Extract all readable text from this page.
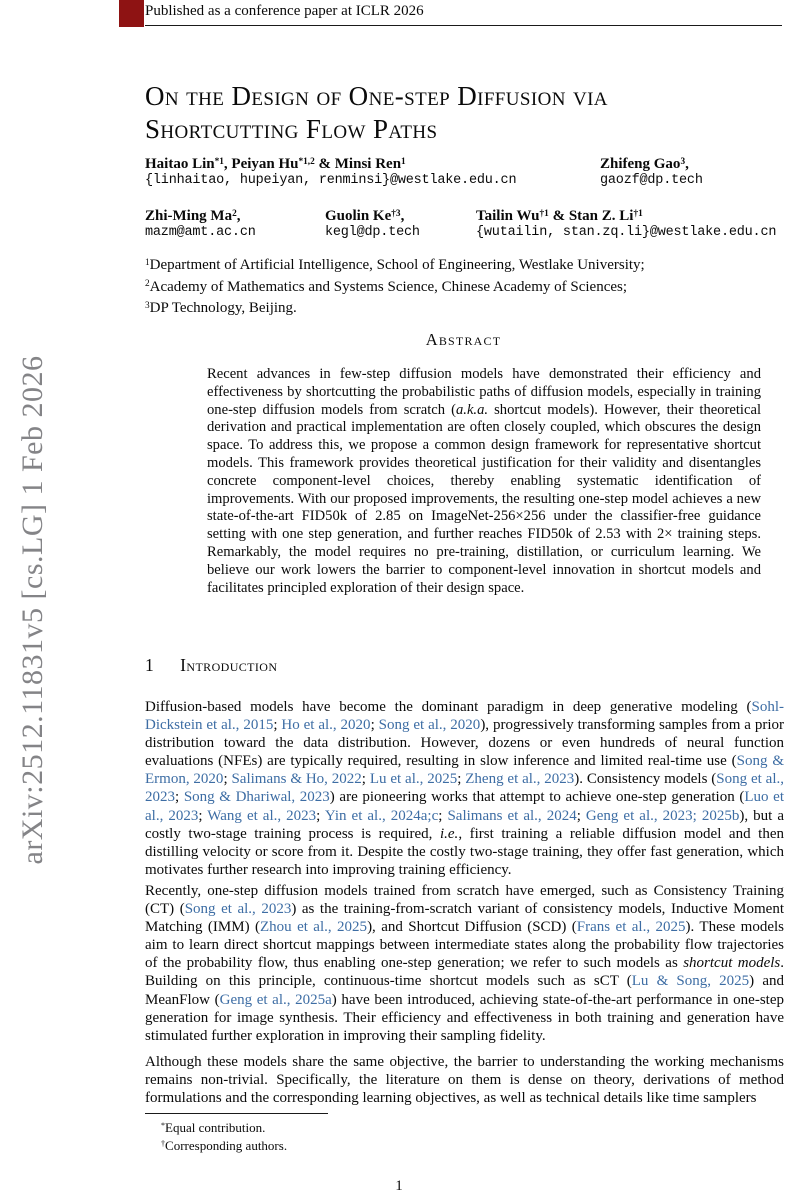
Published as a conference paper at ICLR 2026
arXiv:2512.11831v5 [cs.LG] 1 Feb 2026
On the Design of One-step Diffusion via
Shortcutting Flow Paths
Haitao Lin$^{*1}$, Peiyan Hu$^{*1,2}$ & Minsi Ren$^1$
{linhaitao, hupeiyan, renminsi}@westlake.edu.cn
Zhifeng Gao$^3$,
gaozf@dp.tech
Zhi-Ming Ma$^2$,
mazm@amt.ac.cn
Guolin Ke$^{\dagger 3}$,
kegl@dp.tech
Tailin Wu$^{\dagger 1}$ & Stan Z. Li$^{\dagger 1}$
{wutailin, stan.zq.li}@westlake.edu.cn
$^1$Department of Artificial Intelligence, School of Engineering, Westlake University;
$^2$Academy of Mathematics and Systems Science, Chinese Academy of Sciences;
$^3$DP Technology, Beijing.
Abstract
Recent advances in few-step diffusion models have demonstrated their efficiency and effectiveness by shortcutting the probabilistic paths of diffusion models, especially in training one-step diffusion models from scratch (a.k.a. shortcut models). However, their theoretical derivation and practical implementation are often closely coupled, which obscures the design space. To address this, we propose a common design framework for representative shortcut models. This framework provides theoretical justification for their validity and disentangles concrete component-level choices, thereby enabling systematic identification of improvements. With our proposed improvements, the resulting one-step model achieves a new state-of-the-art FID50k of 2.85 on ImageNet-256×256 under the classifier-free guidance setting with one step generation, and further reaches FID50k of 2.53 with 2× training steps. Remarkably, the model requires no pre-training, distillation, or curriculum learning. We believe our work lowers the barrier to component-level innovation in shortcut models and facilitates principled exploration of their design space.
1 Introduction
Diffusion-based models have become the dominant paradigm in deep generative modeling (Sohl-Dickstein et al., 2015; Ho et al., 2020; Song et al., 2020), progressively transforming samples from a prior distribution toward the data distribution. However, dozens or even hundreds of neural function evaluations (NFEs) are typically required, resulting in slow inference and limited real-time use (Song & Ermon, 2020; Salimans & Ho, 2022; Lu et al., 2025; Zheng et al., 2023). Consistency models (Song et al., 2023; Song & Dhariwal, 2023) are pioneering works that attempt to achieve one-step generation (Luo et al., 2023; Wang et al., 2023; Yin et al., 2024a;c; Salimans et al., 2024; Geng et al., 2023; 2025b), but a costly two-stage training process is required, i.e., first training a reliable diffusion model and then distilling velocity or score from it. Despite the costly two-stage training, they offer fast generation, which motivates further research into improving training efficiency.
Recently, one-step diffusion models trained from scratch have emerged, such as Consistency Training (CT) (Song et al., 2023) as the training-from-scratch variant of consistency models, Inductive Moment Matching (IMM) (Zhou et al., 2025), and Shortcut Diffusion (SCD) (Frans et al., 2025). These models aim to learn direct shortcut mappings between intermediate states along the probability flow trajectories of the probability flow, thus enabling one-step generation; we refer to such models as shortcut models. Building on this principle, continuous-time shortcut models such as sCT (Lu & Song, 2025) and MeanFlow (Geng et al., 2025a) have been introduced, achieving state-of-the-art performance in one-step generation for image synthesis. Their efficiency and effectiveness in both training and generation have stimulated further exploration in improving their sampling fidelity.
Although these models share the same objective, the barrier to understanding the working mechanisms remains non-trivial. Specifically, the literature on them is dense on theory, derivations of method formulations and the corresponding learning objectives, as well as technical details like time samplers
*Equal contribution.
†Corresponding authors.
1
